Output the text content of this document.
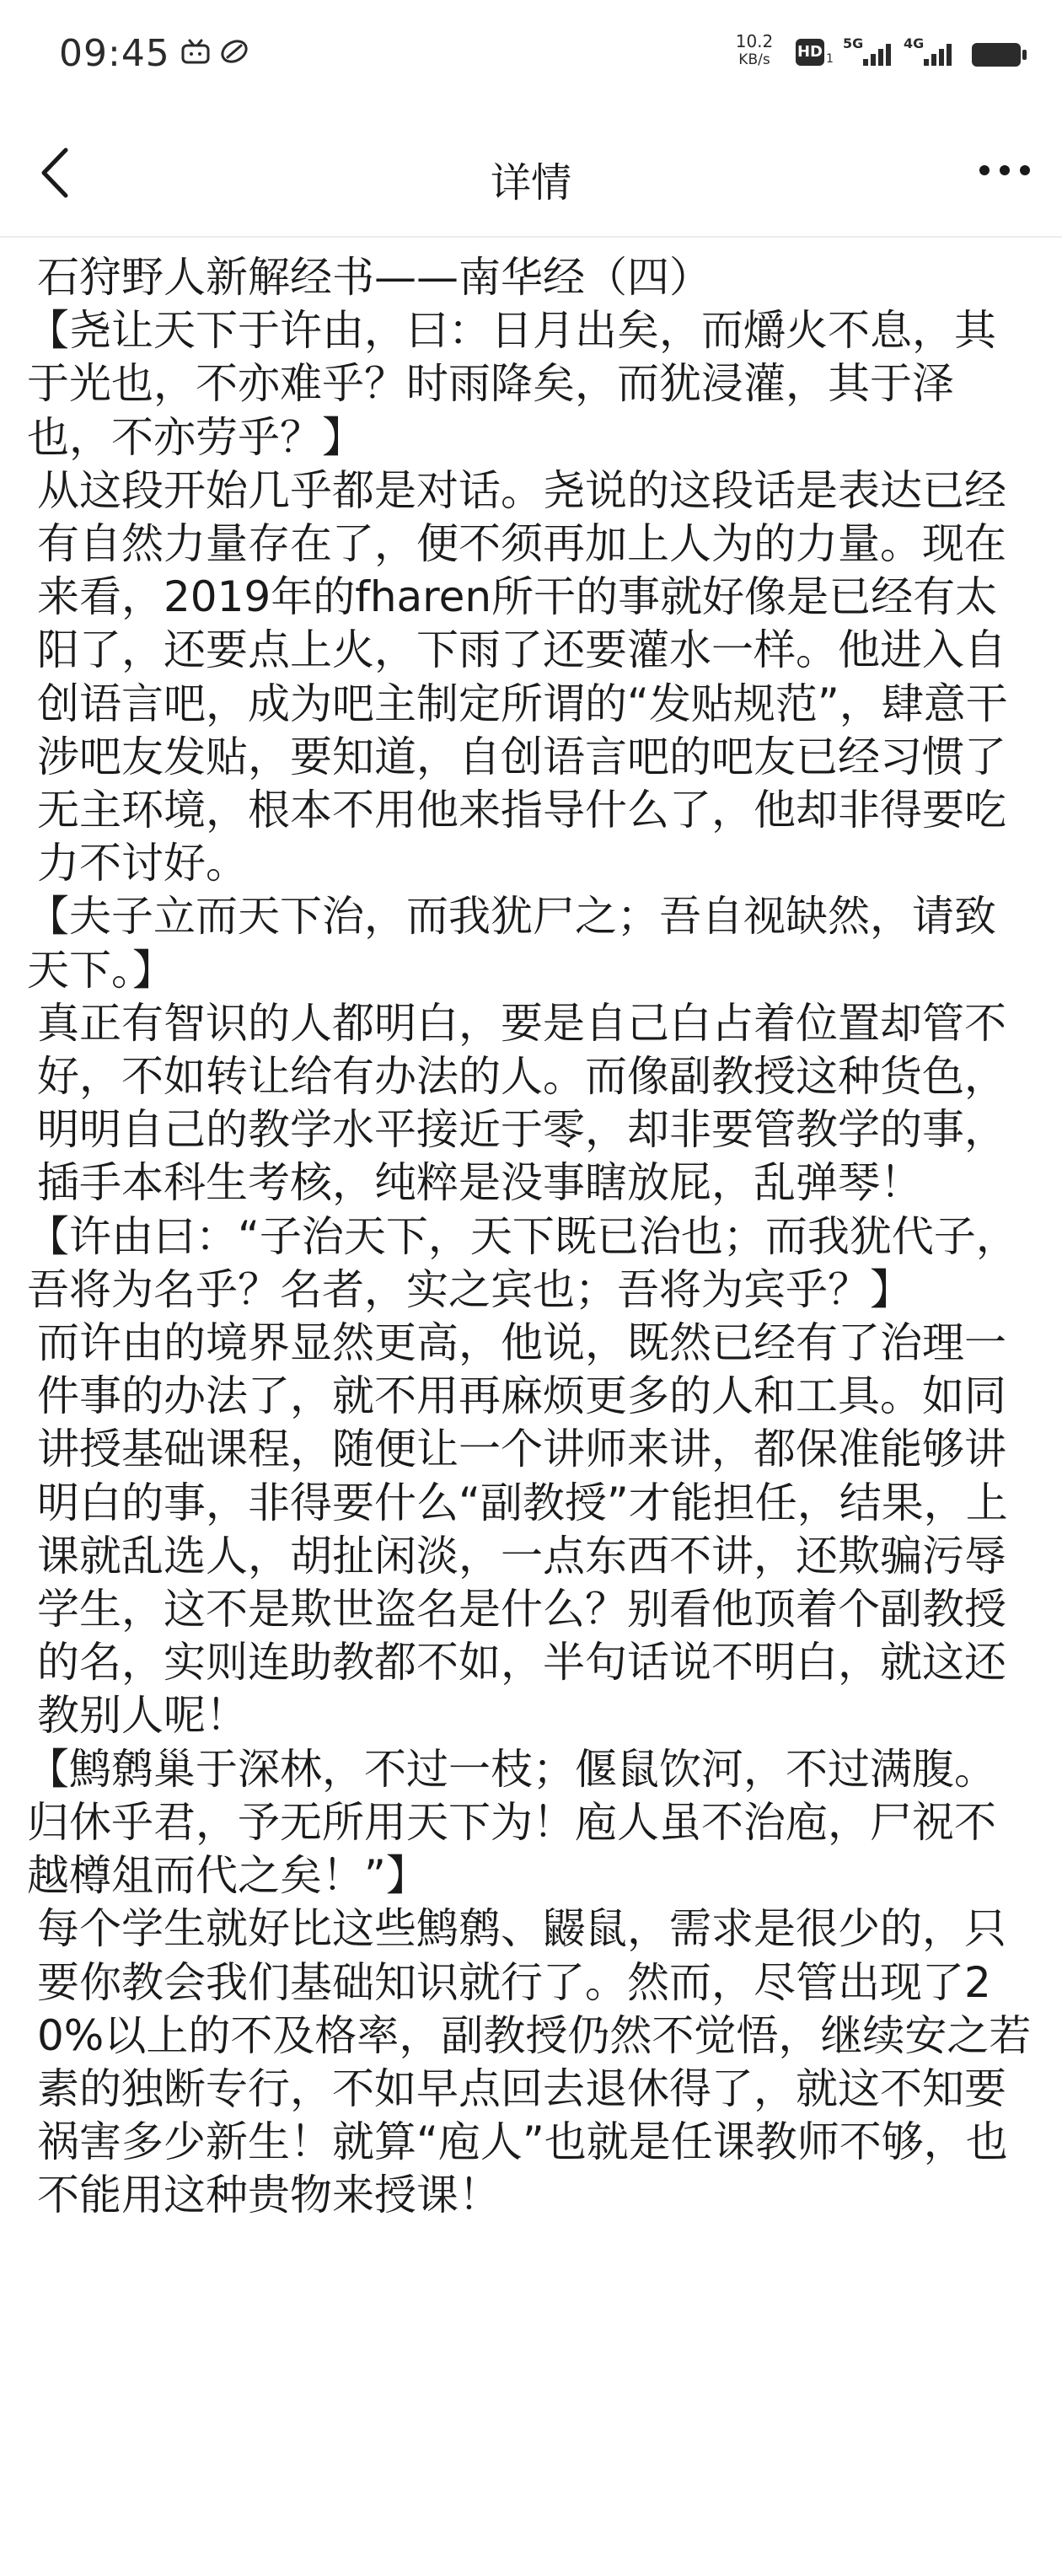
09:45	10.2
KB/s	HD 1
5G	4G
详情

石狩野人新解经书——南华经（四）

【尧让天下于许由，曰：日月出矣，而爝火不息，其于光也，不亦难乎？时雨降矣，而犹浸灌，其于泽也，不亦劳乎？】

从这段开始几乎都是对话。尧说的这段话是表达已经有自然力量存在了，便不须再加上人为的力量。现在来看，2019年的fharen所干的事就好像是已经有太阳了，还要点上火，下雨了还要灌水一样。他进入自创语言吧，成为吧主制定所谓的“发贴规范”，肆意干涉吧友发贴，要知道，自创语言吧的吧友已经习惯了无主环境，根本不用他来指导什么了，他却非得要吃力不讨好。

【夫子立而天下治，而我犹尸之；吾自视缺然，请致天下。】

真正有智识的人都明白，要是自己白占着位置却管不好，不如转让给有办法的人。而像副教授这种货色，明明自己的教学水平接近于零，却非要管教学的事，插手本科生考核，纯粹是没事瞎放屁，乱弹琴！

【许由曰：“子治天下，天下既已治也；而我犹代子，吾将为名乎？名者，实之宾也；吾将为宾乎？】

而许由的境界显然更高，他说，既然已经有了治理一件事的办法了，就不用再麻烦更多的人和工具。如同讲授基础课程，随便让一个讲师来讲，都保准能够讲明白的事，非得要什么“副教授”才能担任，结果，上课就乱选人，胡扯闲淡，一点东西不讲，还欺骗污辱学生，这不是欺世盗名是什么？别看他顶着个副教授的名，实则连助教都不如，半句话说不明白，就这还教别人呢！

【鹪鹩巢于深林，不过一枝；偃鼠饮河，不过满腹。归休乎君，予无所用天下为！庖人虽不治庖，尸祝不越樽俎而代之矣！”】

每个学生就好比这些鹪鹩、鼹鼠，需求是很少的，只要你教会我们基础知识就行了。然而，尽管出现了20%以上的不及格率，副教授仍然不觉悟，继续安之若素的独断专行，不如早点回去退休得了，就这不知要祸害多少新生！就算“庖人”也就是任课教师不够，也不能用这种贵物来授课！
